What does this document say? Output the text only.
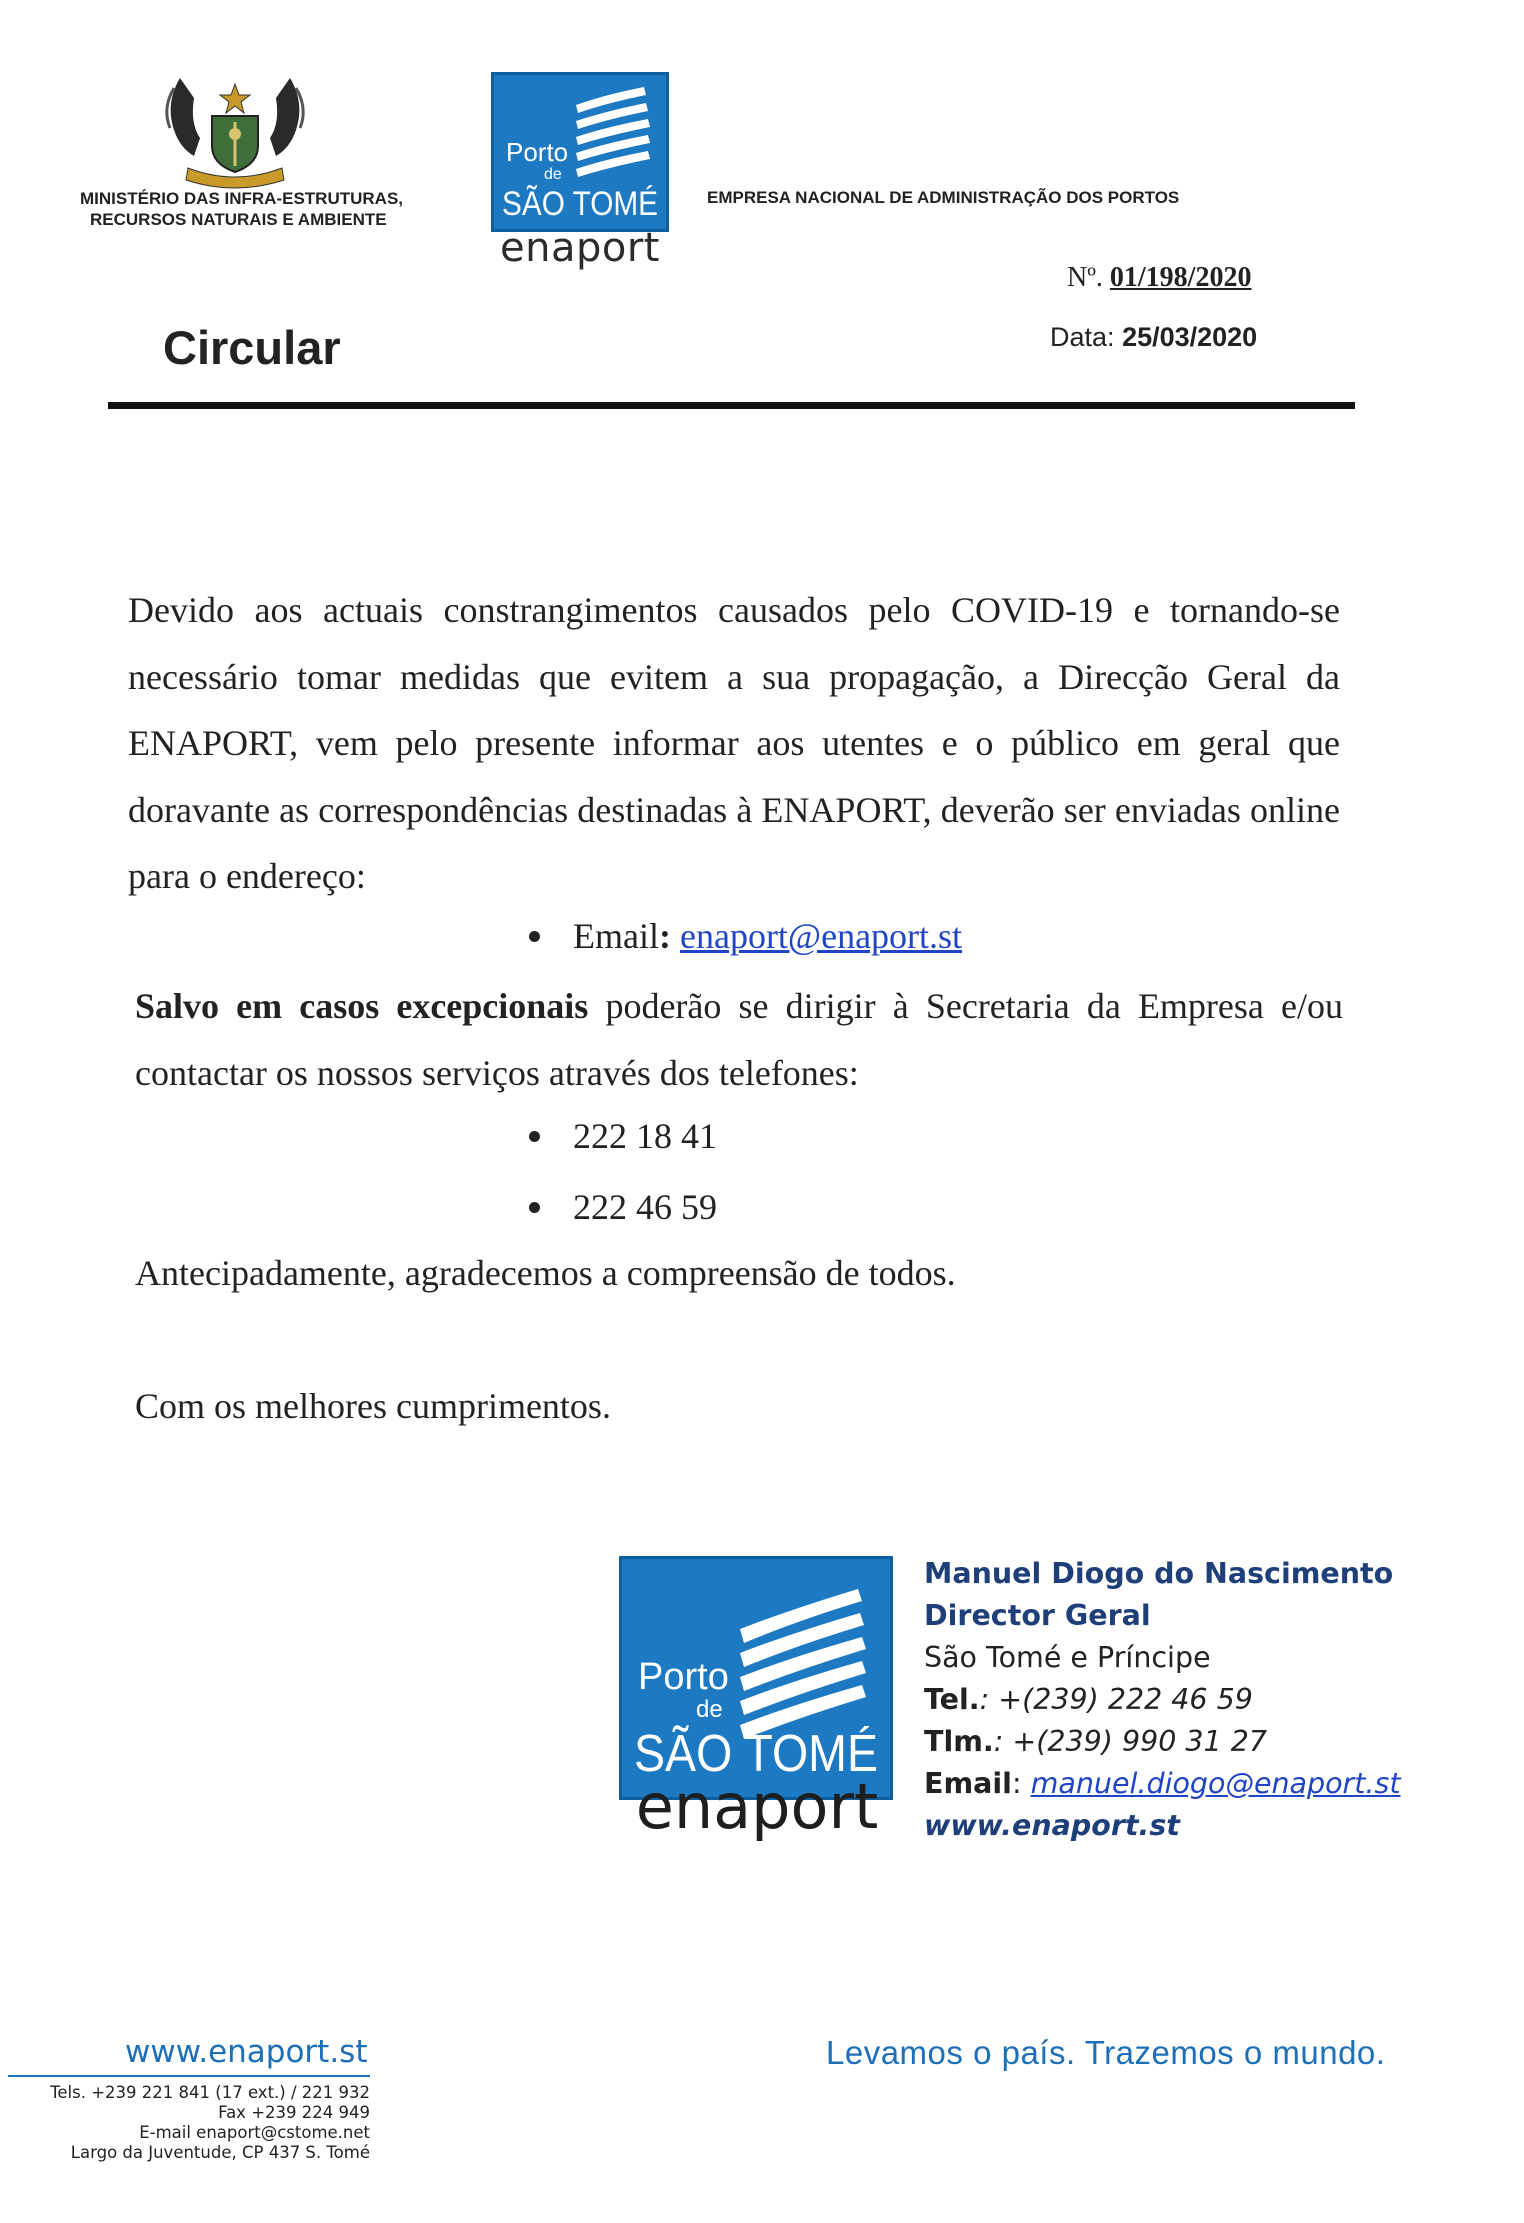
MINISTÉRIO DAS INFRA-ESTRUTURAS,
RECURSOS NATURAIS E AMBIENTE
Porto
de
SÃO TOMÉ
enaport
EMPRESA NACIONAL DE ADMINISTRAÇÃO DOS PORTOS
Nº. 01/198/2020
Data: 25/03/2020
Circular
Devido aos actuais constrangimentos causados pelo COVID-19 e tornando-se necessário tomar medidas que evitem a sua propagação, a Direcção Geral da ENAPORT, vem pelo presente informar aos utentes e o público em geral que doravante as correspondências destinadas à ENAPORT, deverão ser enviadas online para o endereço:
Email: enaport@enaport.st
Salvo em casos excepcionais poderão se dirigir à Secretaria da Empresa e/ou contactar os nossos serviços através dos telefones:
222 18 41
222 46 59
Antecipadamente, agradecemos a compreensão de todos.
Com os melhores cumprimentos.
Porto
de
SÃO TOMÉ
enaport
Manuel Diogo do Nascimento
Director Geral
São Tomé e Príncipe
Tel.: +(239) 222 46 59
Tlm.: +(239) 990 31 27
Email: manuel.diogo@enaport.st
www.enaport.st
www.enaport.st
Tels. +239 221 841 (17 ext.) / 221 932
Fax +239 224 949
E-mail enaport@cstome.net
Largo da Juventude, CP 437 S. Tomé
Levamos o país. Trazemos o mundo.
